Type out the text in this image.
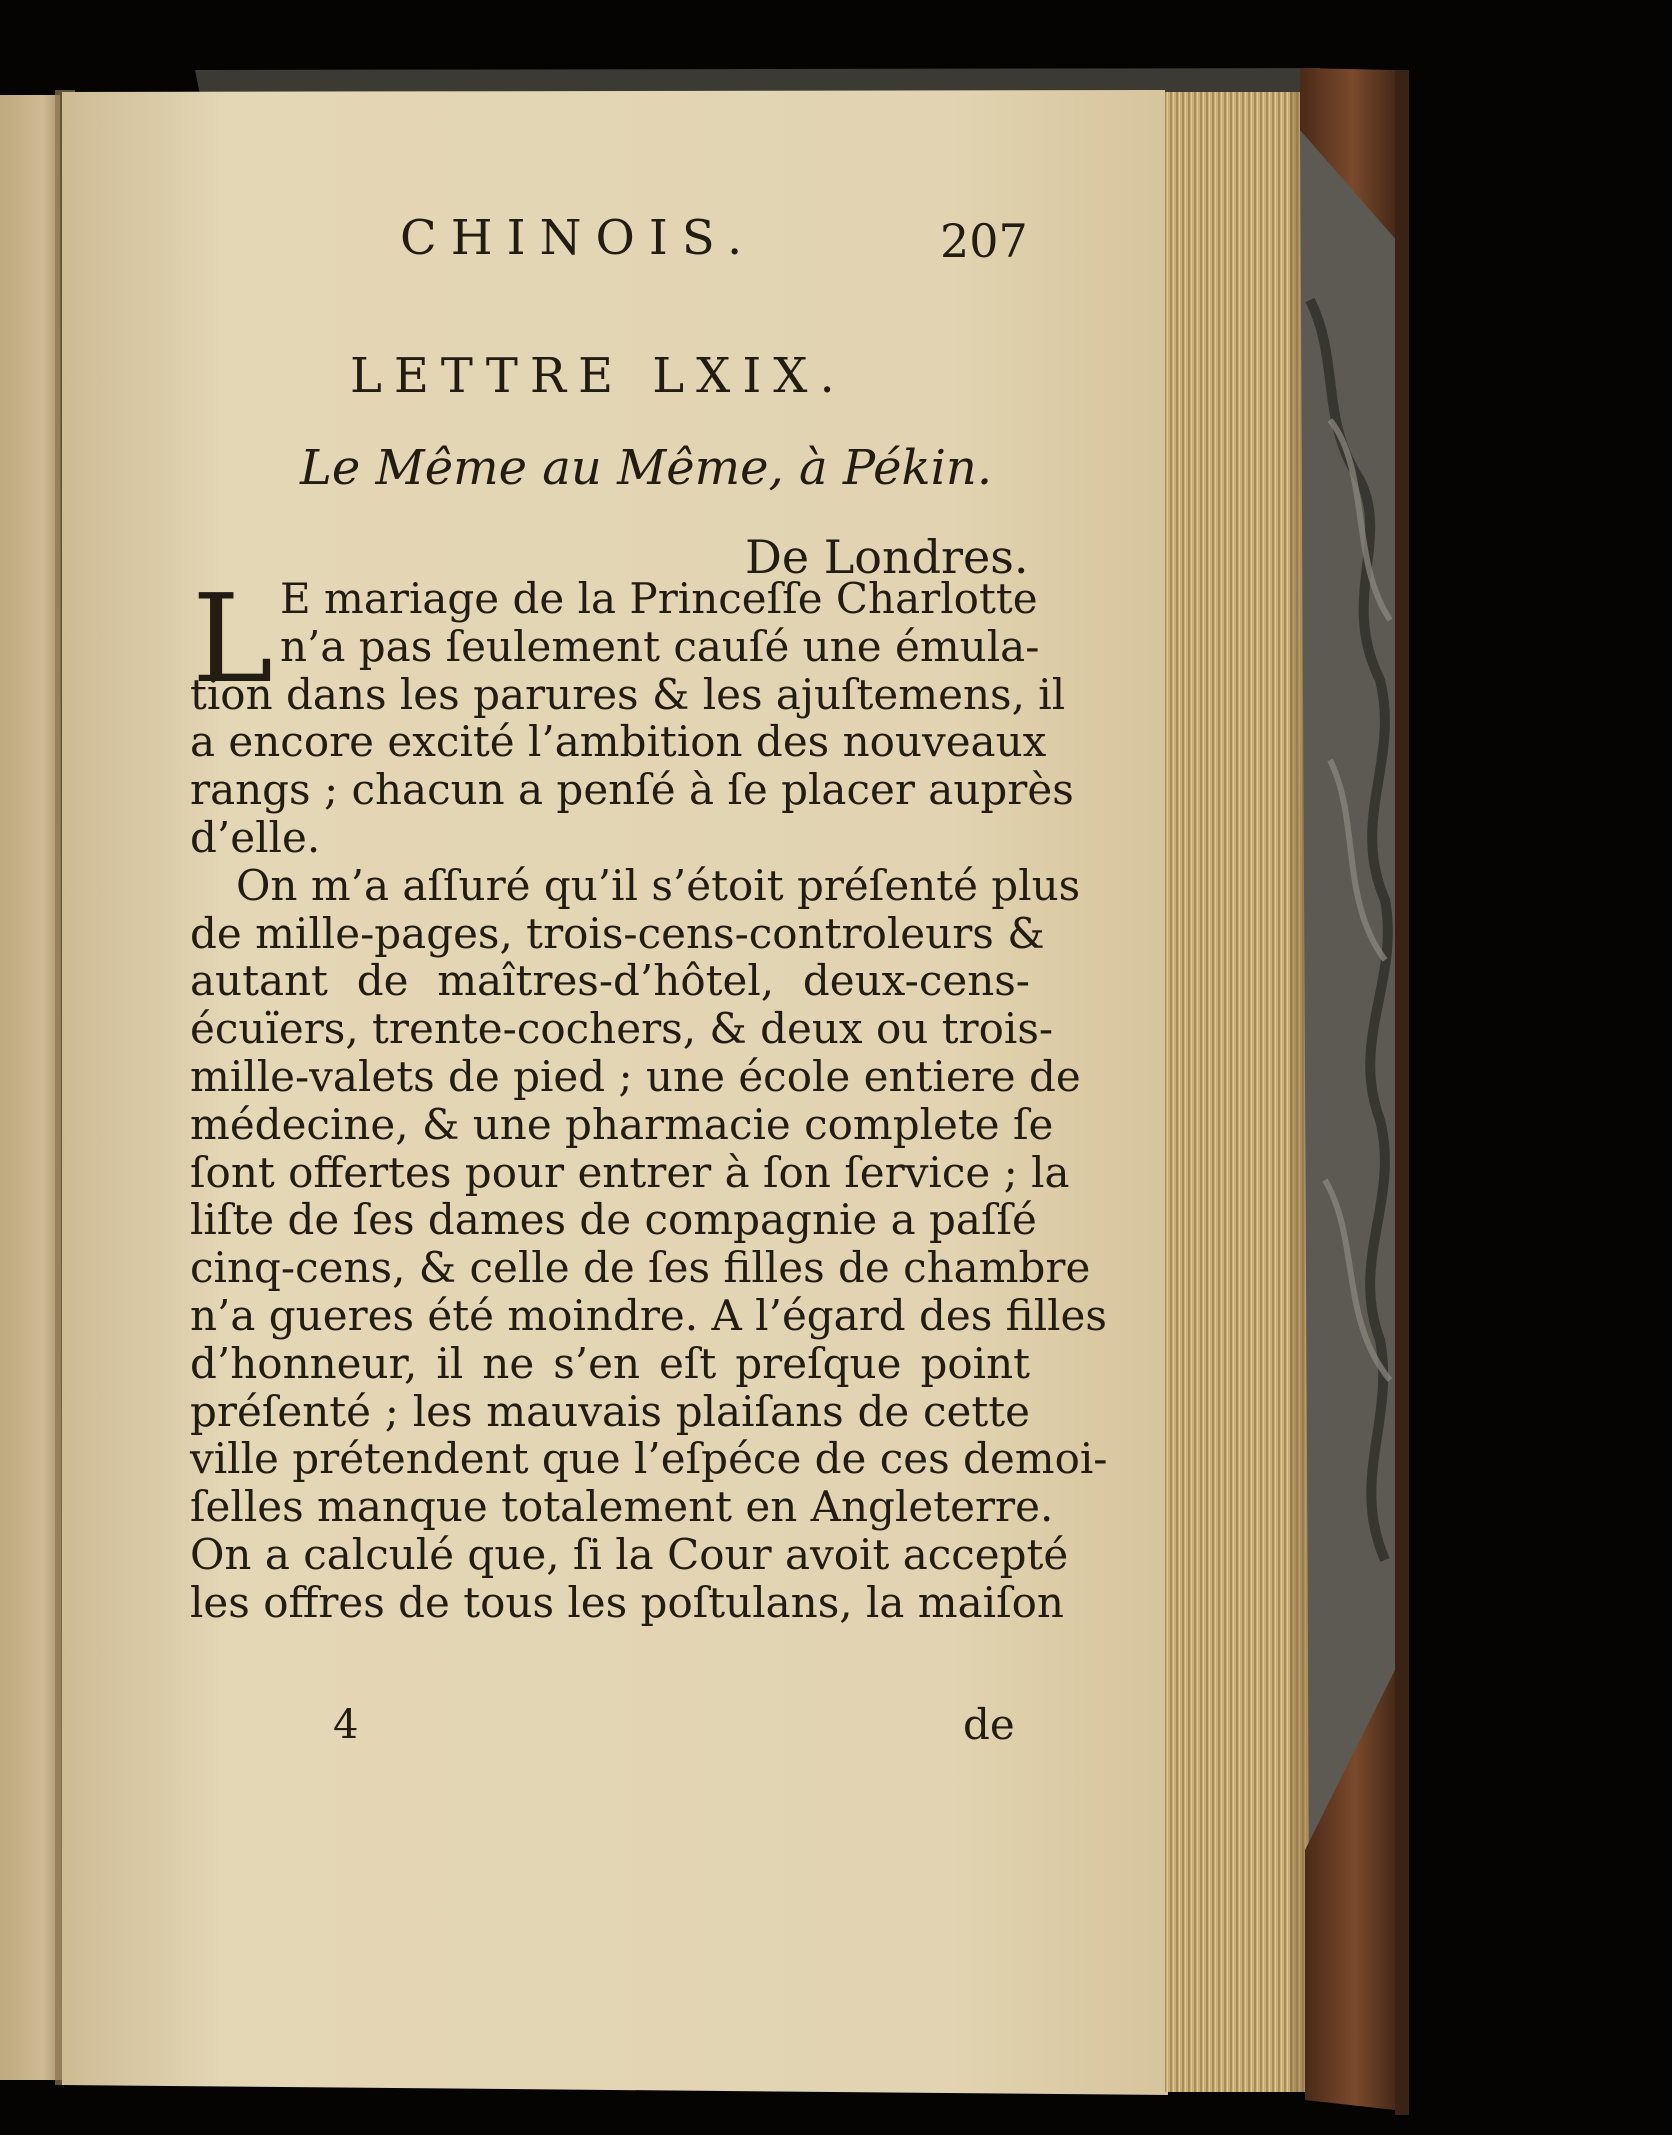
CHINOIS.	207
LETTRE LXIX.
Le Même au Même, à Pékin.
De Londres.
L E mariage de la Princeſſe Charlotte
n’a pas ſeulement cauſé une émula-
tion dans les parures & les ajuſtemens, il
a encore excité l’ambition des nouveaux
rangs ; chacun a penſé à ſe placer auprès
d’elle.
On m’a aſſuré qu’il s’étoit préſenté plus
de mille-pages, trois-cens-controleurs &
autant de maîtres-d’hôtel, deux-cens-
écuïers, trente-cochers, & deux ou trois-
mille-valets de pied ; une école entiere de
médecine, & une pharmacie complete ſe
ſont offertes pour entrer à ſon ſervice ; la
liſte de ſes dames de compagnie a paſſé
cinq-cens, & celle de ſes filles de chambre
n’a gueres été moindre. A l’égard des filles
d’honneur, il ne s’en eſt preſque point
préſenté ; les mauvais plaiſans de cette
ville prétendent que l’eſpéce de ces demoi-
ſelles manque totalement en Angleterre.
On a calculé que, ſi la Cour avoit accepté
les offres de tous les poſtulans, la maiſon
4	de
